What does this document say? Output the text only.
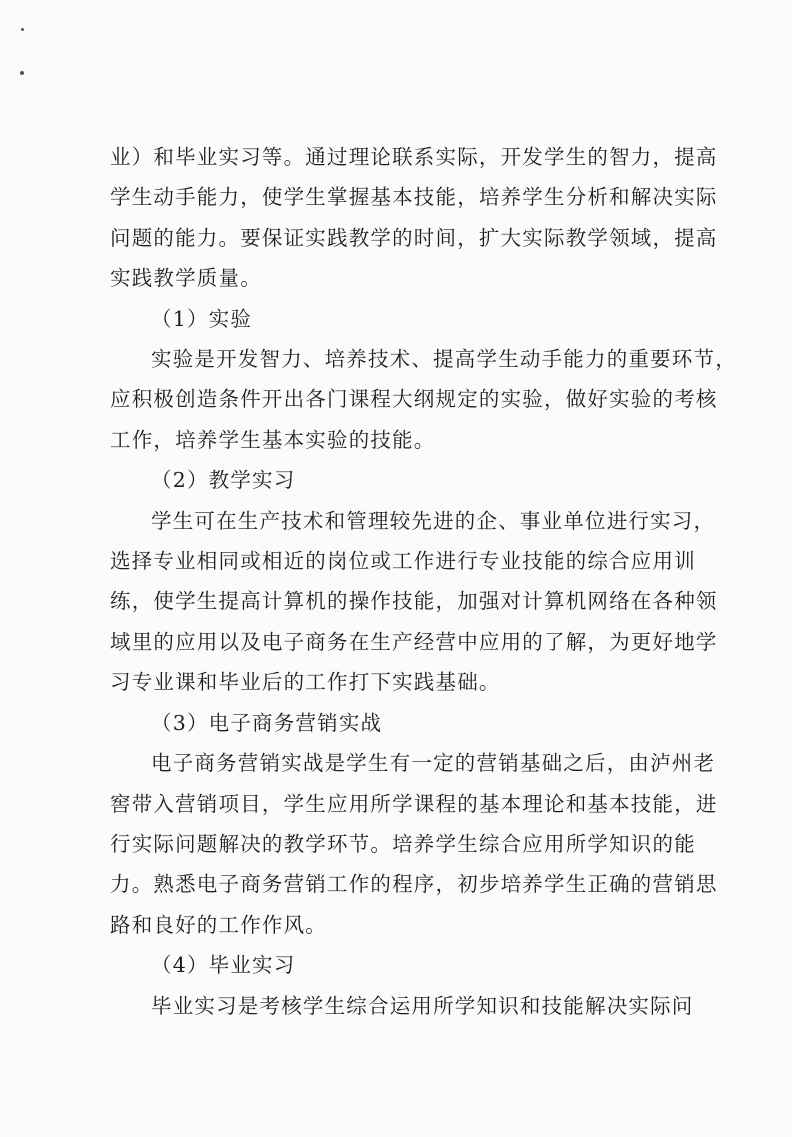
业）和毕业实习等。通过理论联系实际，开发学生的智力，提高
学生动手能力，使学生掌握基本技能，培养学生分析和解决实际
问题的能力。要保证实践教学的时间，扩大实际教学领域，提高
实践教学质量。

（1）实验

实验是开发智力、培养技术、提高学生动手能力的重要环节，
应积极创造条件开出各门课程大纲规定的实验，做好实验的考核
工作，培养学生基本实验的技能。

（2）教学实习

学生可在生产技术和管理较先进的企、事业单位进行实习，
选择专业相同或相近的岗位或工作进行专业技能的综合应用训
练，使学生提高计算机的操作技能，加强对计算机网络在各种领
域里的应用以及电子商务在生产经营中应用的了解，为更好地学
习专业课和毕业后的工作打下实践基础。

（3）电子商务营销实战

电子商务营销实战是学生有一定的营销基础之后，由泸州老
窖带入营销项目，学生应用所学课程的基本理论和基本技能，进
行实际问题解决的教学环节。培养学生综合应用所学知识的能
力。熟悉电子商务营销工作的程序，初步培养学生正确的营销思
路和良好的工作作风。

（4）毕业实习

毕业实习是考核学生综合运用所学知识和技能解决实际问
